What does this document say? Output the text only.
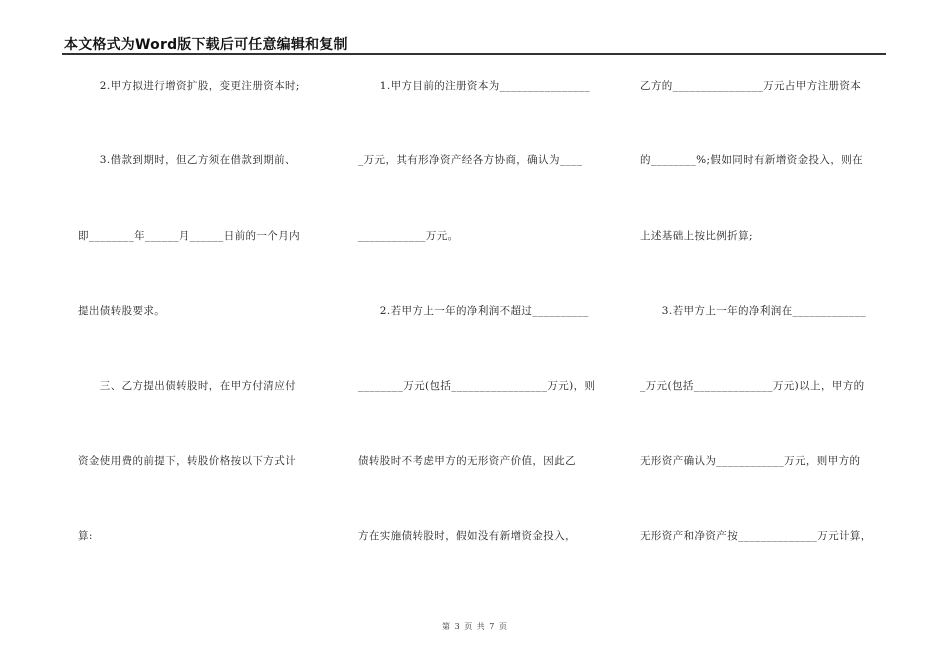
本文格式为Word版下载后可任意编辑和复制
　　2.甲方拟进行增资扩股，变更注册资本时;
　　3.借款到期时，但乙方须在借款到期前、
即________年______月______日前的一个月内
提出债转股要求。
　　三、乙方提出债转股时，在甲方付清应付
资金使用费的前提下，转股价格按以下方式计
算:
　　1.甲方目前的注册资本为________________
_万元，其有形净资产经各方协商，确认为____
____________万元。
　　2.若甲方上一年的净利润不超过__________
________万元(包括_________________万元)，则
债转股时不考虑甲方的无形资产价值，因此乙
方在实施债转股时，假如没有新增资金投入，
乙方的________________万元占甲方注册资本
的________%;假如同时有新增资金投入，则在
上述基础上按比例折算;
　　3.若甲方上一年的净利润在_____________
_万元(包括______________万元)以上，甲方的
无形资产确认为____________万元，则甲方的
无形资产和净资产按______________万元计算，
第 3 页 共 7 页
